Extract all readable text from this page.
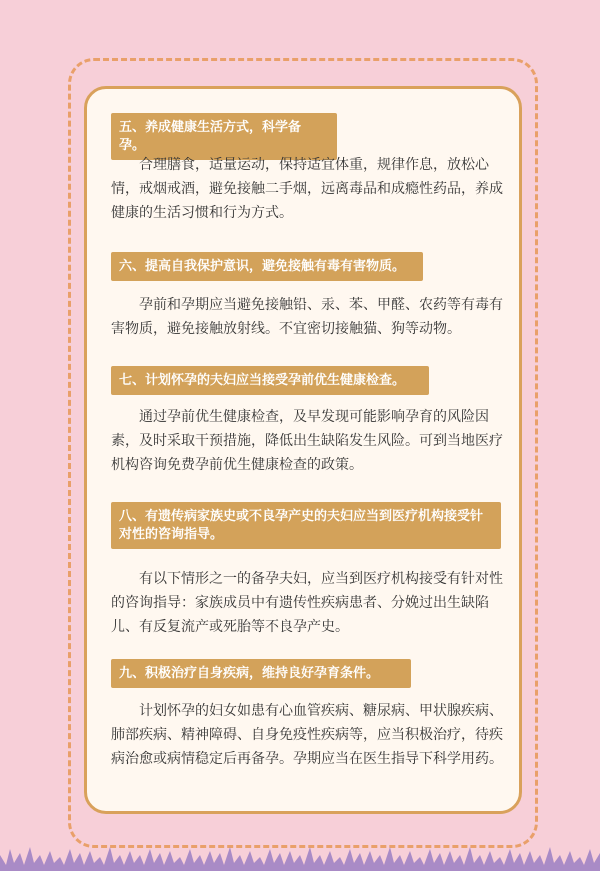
五、养成健康生活方式，科学备孕。

合理膳食，适量运动，保持适宜体重，规律作息，放松心情，戒烟戒酒，避免接触二手烟，远离毒品和成瘾性药品，养成健康的生活习惯和行为方式。

六、提高自我保护意识，避免接触有毒有害物质。

孕前和孕期应当避免接触铅、汞、苯、甲醛、农药等有毒有害物质，避免接触放射线。不宜密切接触猫、狗等动物。

七、计划怀孕的夫妇应当接受孕前优生健康检查。

通过孕前优生健康检查，及早发现可能影响孕育的风险因素，及时采取干预措施，降低出生缺陷发生风险。可到当地医疗机构咨询免费孕前优生健康检查的政策。

八、有遗传病家族史或不良孕产史的夫妇应当到医疗机构接受针对性的咨询指导。

有以下情形之一的备孕夫妇，应当到医疗机构接受有针对性的咨询指导：家族成员中有遗传性疾病患者、分娩过出生缺陷儿、有反复流产或死胎等不良孕产史。

九、积极治疗自身疾病，维持良好孕育条件。

计划怀孕的妇女如患有心血管疾病、糖尿病、甲状腺疾病、肺部疾病、精神障碍、自身免疫性疾病等，应当积极治疗，待疾病治愈或病情稳定后再备孕。孕期应当在医生指导下科学用药。
